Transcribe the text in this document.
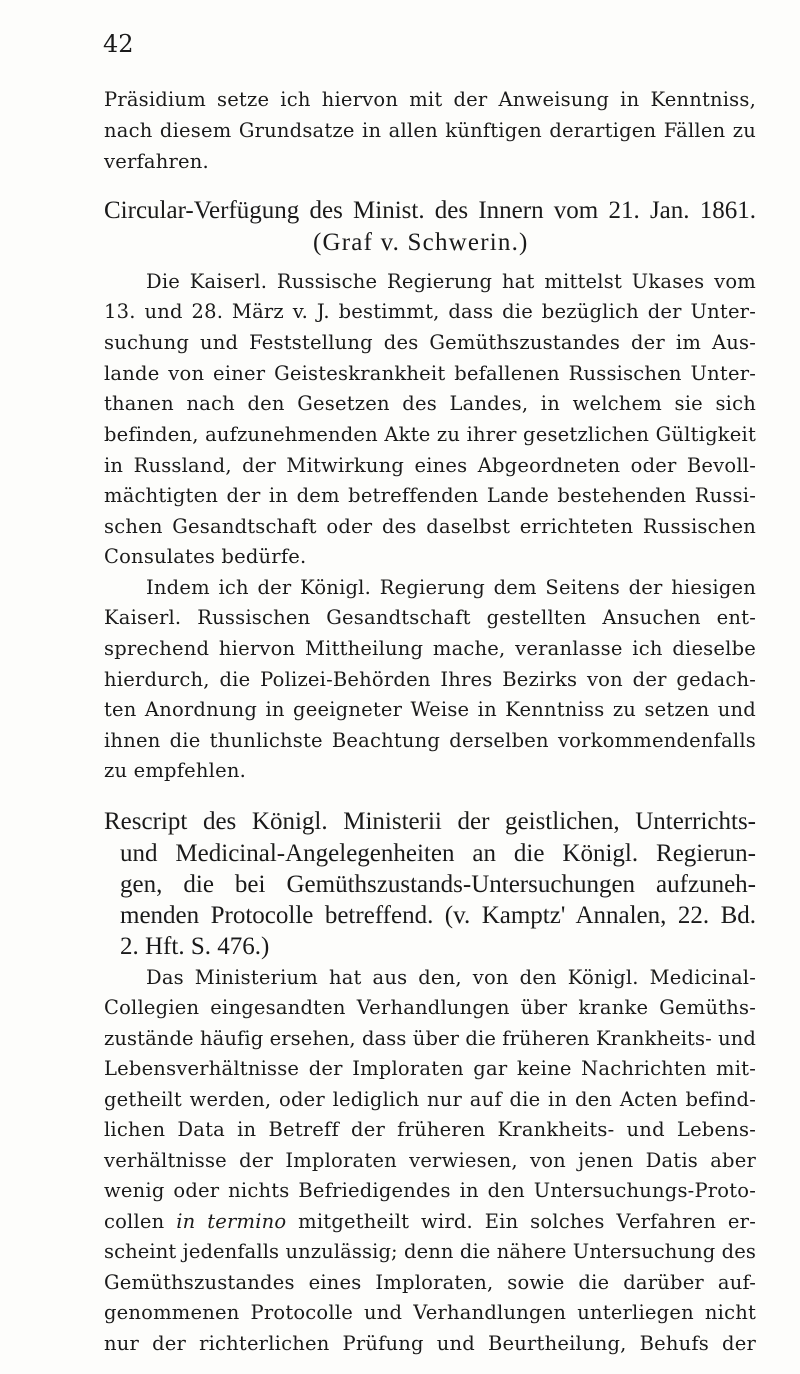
42
Präsidium setze ich hiervon mit der Anweisung in Kenntniss,
nach diesem Grundsatze in allen künftigen derartigen Fällen zu
verfahren.
Circular-Verfügung des Minist. des Innern vom 21. Jan. 1861.
(Graf v. Schwerin.)
Die Kaiserl. Russische Regierung hat mittelst Ukases vom
13. und 28. März v. J. bestimmt, dass die bezüglich der Unter-
suchung und Feststellung des Gemüthszustandes der im Aus-
lande von einer Geisteskrankheit befallenen Russischen Unter-
thanen nach den Gesetzen des Landes, in welchem sie sich
befinden, aufzunehmenden Akte zu ihrer gesetzlichen Gültigkeit
in Russland, der Mitwirkung eines Abgeordneten oder Bevoll-
mächtigten der in dem betreffenden Lande bestehenden Russi-
schen Gesandtschaft oder des daselbst errichteten Russischen
Consulates bedürfe.
Indem ich der Königl. Regierung dem Seitens der hiesigen
Kaiserl. Russischen Gesandtschaft gestellten Ansuchen ent-
sprechend hiervon Mittheilung mache, veranlasse ich dieselbe
hierdurch, die Polizei-Behörden Ihres Bezirks von der gedach-
ten Anordnung in geeigneter Weise in Kenntniss zu setzen und
ihnen die thunlichste Beachtung derselben vorkommendenfalls
zu empfehlen.
Rescript des Königl. Ministerii der geistlichen, Unterrichts-
und Medicinal-Angelegenheiten an die Königl. Regierun-
gen, die bei Gemüthszustands-Untersuchungen aufzuneh-
menden Protocolle betreffend. (v. Kamptz' Annalen, 22. Bd.
2. Hft. S. 476.)
Das Ministerium hat aus den, von den Königl. Medicinal-
Collegien eingesandten Verhandlungen über kranke Gemüths-
zustände häufig ersehen, dass über die früheren Krankheits- und
Lebensverhältnisse der Imploraten gar keine Nachrichten mit-
getheilt werden, oder lediglich nur auf die in den Acten befind-
lichen Data in Betreff der früheren Krankheits- und Lebens-
verhältnisse der Imploraten verwiesen, von jenen Datis aber
wenig oder nichts Befriedigendes in den Untersuchungs-Proto-
collen in termino mitgetheilt wird. Ein solches Verfahren er-
scheint jedenfalls unzulässig; denn die nähere Untersuchung des
Gemüthszustandes eines Imploraten, sowie die darüber auf-
genommenen Protocolle und Verhandlungen unterliegen nicht
nur der richterlichen Prüfung und Beurtheilung, Behufs der
